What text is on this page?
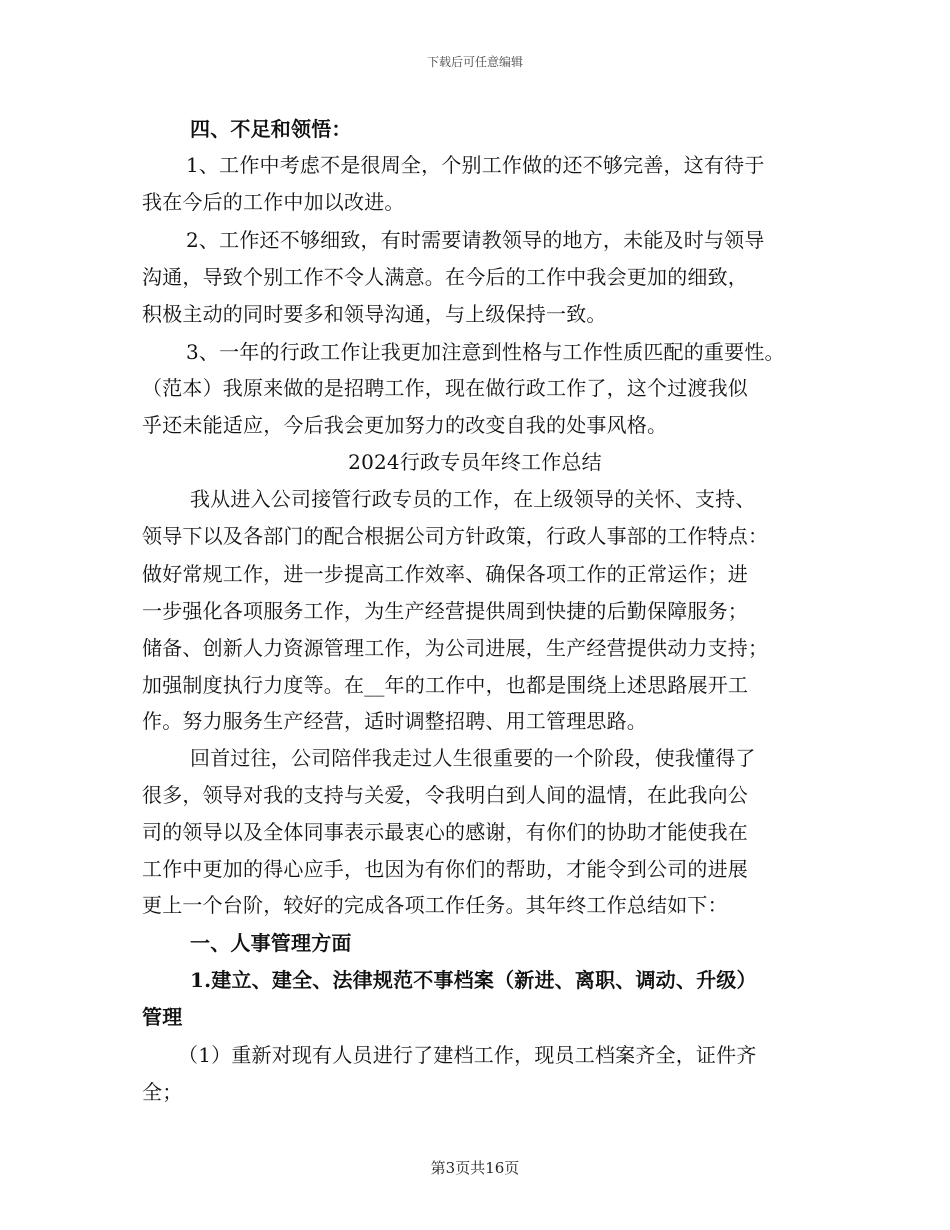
下载后可任意编辑
四、不足和领悟：
1、工作中考虑不是很周全，个别工作做的还不够完善，这有待于
我在今后的工作中加以改进。
2、工作还不够细致，有时需要请教领导的地方，未能及时与领导
沟通，导致个别工作不令人满意。在今后的工作中我会更加的细致，
积极主动的同时要多和领导沟通，与上级保持一致。
3、一年的行政工作让我更加注意到性格与工作性质匹配的重要性。
（范本）我原来做的是招聘工作，现在做行政工作了，这个过渡我似
乎还未能适应，今后我会更加努力的改变自我的处事风格。
2024行政专员年终工作总结
我从进入公司接管行政专员的工作，在上级领导的关怀、支持、
领导下以及各部门的配合根据公司方针政策，行政人事部的工作特点：
做好常规工作，进一步提高工作效率、确保各项工作的正常运作；进
一步强化各项服务工作，为生产经营提供周到快捷的后勤保障服务；
储备、创新人力资源管理工作，为公司进展，生产经营提供动力支持；
加强制度执行力度等。在__年的工作中，也都是围绕上述思路展开工
作。努力服务生产经营，适时调整招聘、用工管理思路。
回首过往，公司陪伴我走过人生很重要的一个阶段，使我懂得了
很多，领导对我的支持与关爱，令我明白到人间的温情，在此我向公
司的领导以及全体同事表示最衷心的感谢，有你们的协助才能使我在
工作中更加的得心应手，也因为有你们的帮助，才能令到公司的进展
更上一个台阶，较好的完成各项工作任务。其年终工作总结如下：
一、人事管理方面
1.建立、建全、法律规范不事档案（新进、离职、调动、升级）
管理
（1）重新对现有人员进行了建档工作，现员工档案齐全，证件齐
全；
第3页共16页
